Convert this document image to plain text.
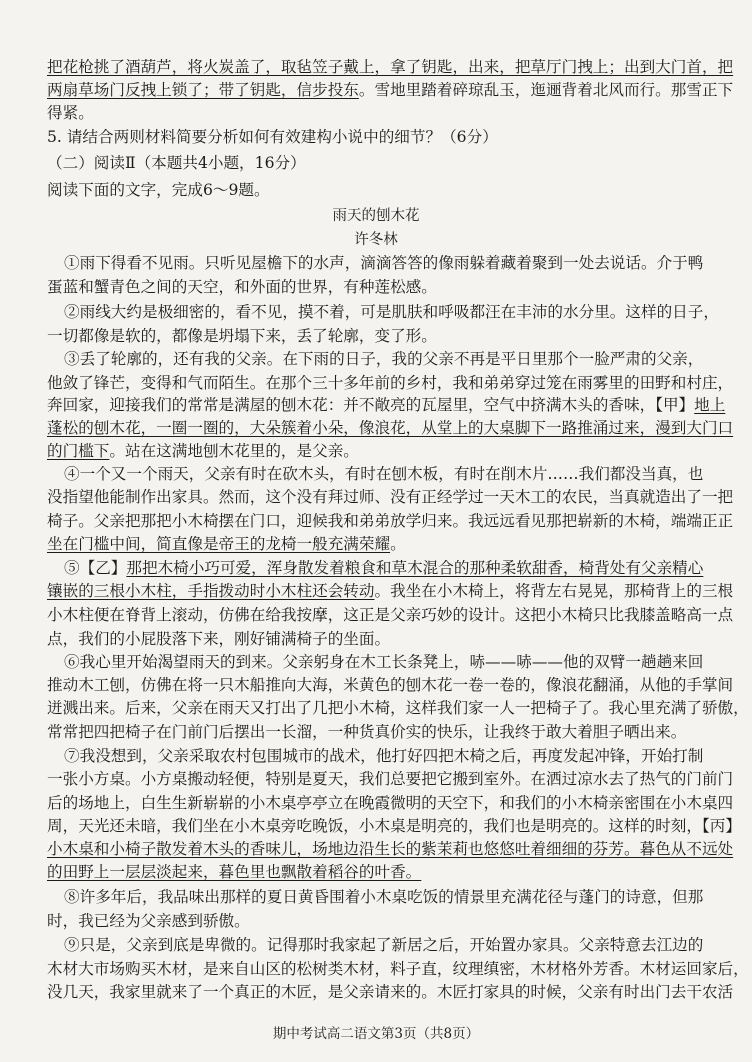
把花枪挑了酒葫芦，将火炭盖了，取毡笠子戴上，拿了钥匙，出来，把草厅门拽上；出到大门首，把
两扇草场门反拽上锁了；带了钥匙，信步投东。雪地里踏着碎琼乱玉，迤逦背着北风而行。那雪正下
得紧。
5. 请结合两则材料简要分析如何有效建构小说中的细节？（6分）
（二）阅读Ⅱ（本题共4小题，16分）
阅读下面的文字，完成6～9题。
雨天的刨木花
许冬林
①雨下得看不见雨。只听见屋檐下的水声，滴滴答答的像雨躲着藏着聚到一处去说话。介于鸭
蛋蓝和蟹青色之间的天空，和外面的世界，有种莲松感。
②雨线大约是极细密的，看不见，摸不着，可是肌肤和呼吸都汪在丰沛的水分里。这样的日子，
一切都像是软的，都像是坍塌下来，丢了轮廓，变了形。
③丢了轮廓的，还有我的父亲。在下雨的日子，我的父亲不再是平日里那个一脸严肃的父亲，
他敛了锋芒，变得和气而陌生。在那个三十多年前的乡村，我和弟弟穿过笼在雨雾里的田野和村庄，
奔回家，迎接我们的常常是满屋的刨木花：并不敞亮的瓦屋里，空气中挤满木头的香味，【甲】地上
蓬松的刨木花，一圈一圈的，大朵簇着小朵，像浪花，从堂上的大桌脚下一路推涌过来，漫到大门口
的门槛下。站在这满地刨木花里的，是父亲。
④一个又一个雨天，父亲有时在砍木头，有时在刨木板，有时在削木片……我们都没当真，也
没指望他能制作出家具。然而，这个没有拜过师、没有正经学过一天木工的农民，当真就造出了一把
椅子。父亲把那把小木椅摆在门口，迎候我和弟弟放学归来。我远远看见那把崭新的木椅，端端正正
坐在门槛中间，简直像是帝王的龙椅一般充满荣耀。
⑤【乙】那把木椅小巧可爱，浑身散发着粮食和草木混合的那种柔软甜香，椅背处有父亲精心
镶嵌的三根小木柱，手指拨动时小木柱还会转动。我坐在小木椅上，将背左右晃晃，那椅背上的三根
小木柱便在脊背上滚动，仿佛在给我按摩，这正是父亲巧妙的设计。这把小木椅只比我膝盖略高一点
点，我们的小屁股落下来，刚好铺满椅子的坐面。
⑥我心里开始渴望雨天的到来。父亲躬身在木工长条凳上，哧——哧——他的双臂一趟趟来回
推动木工刨，仿佛在将一只木船推向大海，米黄色的刨木花一卷一卷的，像浪花翻涌，从他的手掌间
迸溅出来。后来，父亲在雨天又打出了几把小木椅，这样我们家一人一把椅子了。我心里充满了骄傲，
常常把四把椅子在门前门后摆出一长溜，一种货真价实的快乐，让我终于敢大着胆子晒出来。
⑦我没想到，父亲采取农村包围城市的战术，他打好四把木椅之后，再度发起冲锋，开始打制
一张小方桌。小方桌搬动轻便，特别是夏天，我们总要把它搬到室外。在洒过凉水去了热气的门前门
后的场地上，白生生新崭崭的小木桌亭亭立在晚霞微明的天空下，和我们的小木椅亲密围在小木桌四
周，天光还未暗，我们坐在小木桌旁吃晚饭，小木桌是明亮的，我们也是明亮的。这样的时刻，【丙】
小木桌和小椅子散发着木头的香味儿，场地边沿生长的紫茉莉也悠悠吐着细细的芬芳。暮色从不远处
的田野上一层层淡起来，暮色里也飘散着稻谷的叶香。
⑧许多年后，我品味出那样的夏日黄昏围着小木桌吃饭的情景里充满花径与蓬门的诗意，但那
时，我已经为父亲感到骄傲。
⑨只是，父亲到底是卑微的。记得那时我家起了新居之后，开始置办家具。父亲特意去江边的
木材大市场购买木材，是来自山区的松树类木材，料子直，纹理缜密，木材格外芳香。木材运回家后，
没几天，我家里就来了一个真正的木匠，是父亲请来的。木匠打家具的时候，父亲有时出门去干农活
期中考试高二语文第3页（共8页）
